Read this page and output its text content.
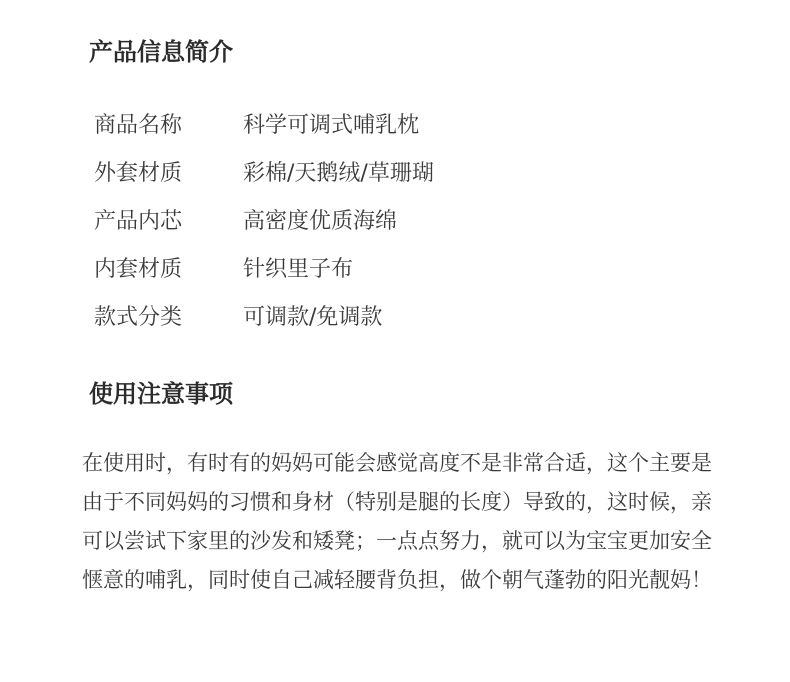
产品信息简介
商品名称	科学可调式哺乳枕
外套材质	彩棉/天鹅绒/草珊瑚
产品内芯	高密度优质海绵
内套材质	针织里子布
款式分类	可调款/免调款
使用注意事项

在使用时，有时有的妈妈可能会感觉高度不是非常合适，这个主要是由于不同妈妈的习惯和身材（特别是腿的长度）导致的，这时候，亲可以尝试下家里的沙发和矮凳；一点点努力，就可以为宝宝更加安全惬意的哺乳，同时使自己减轻腰背负担，做个朝气蓬勃的阳光靓妈！
